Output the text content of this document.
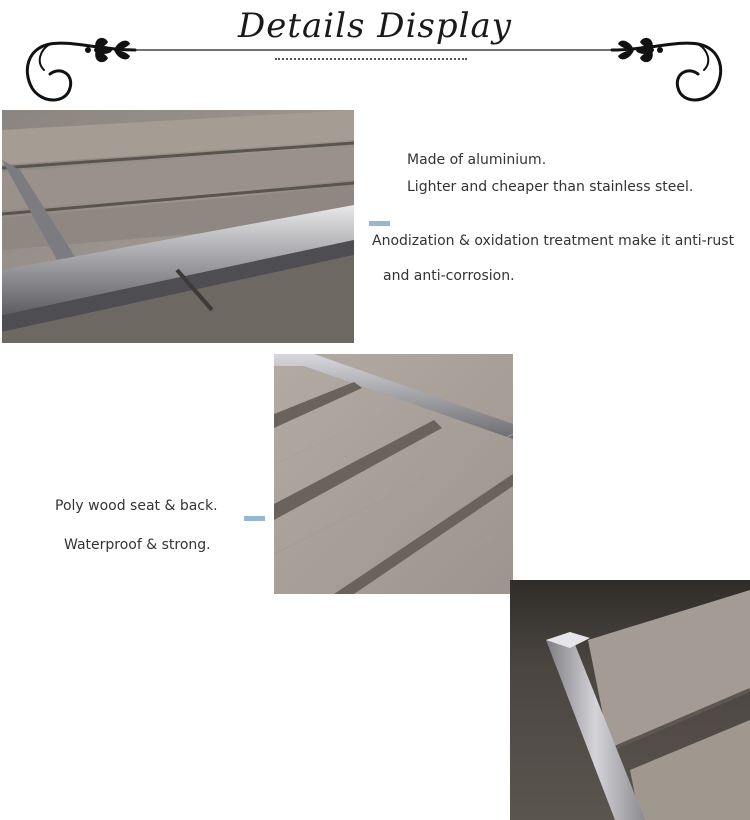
Details Display
Made of aluminium.
Lighter and cheaper than stainless steel.
Anodization & oxidation treatment make it anti-rust
and anti-corrosion.
Poly wood seat & back.
Waterproof & strong.
